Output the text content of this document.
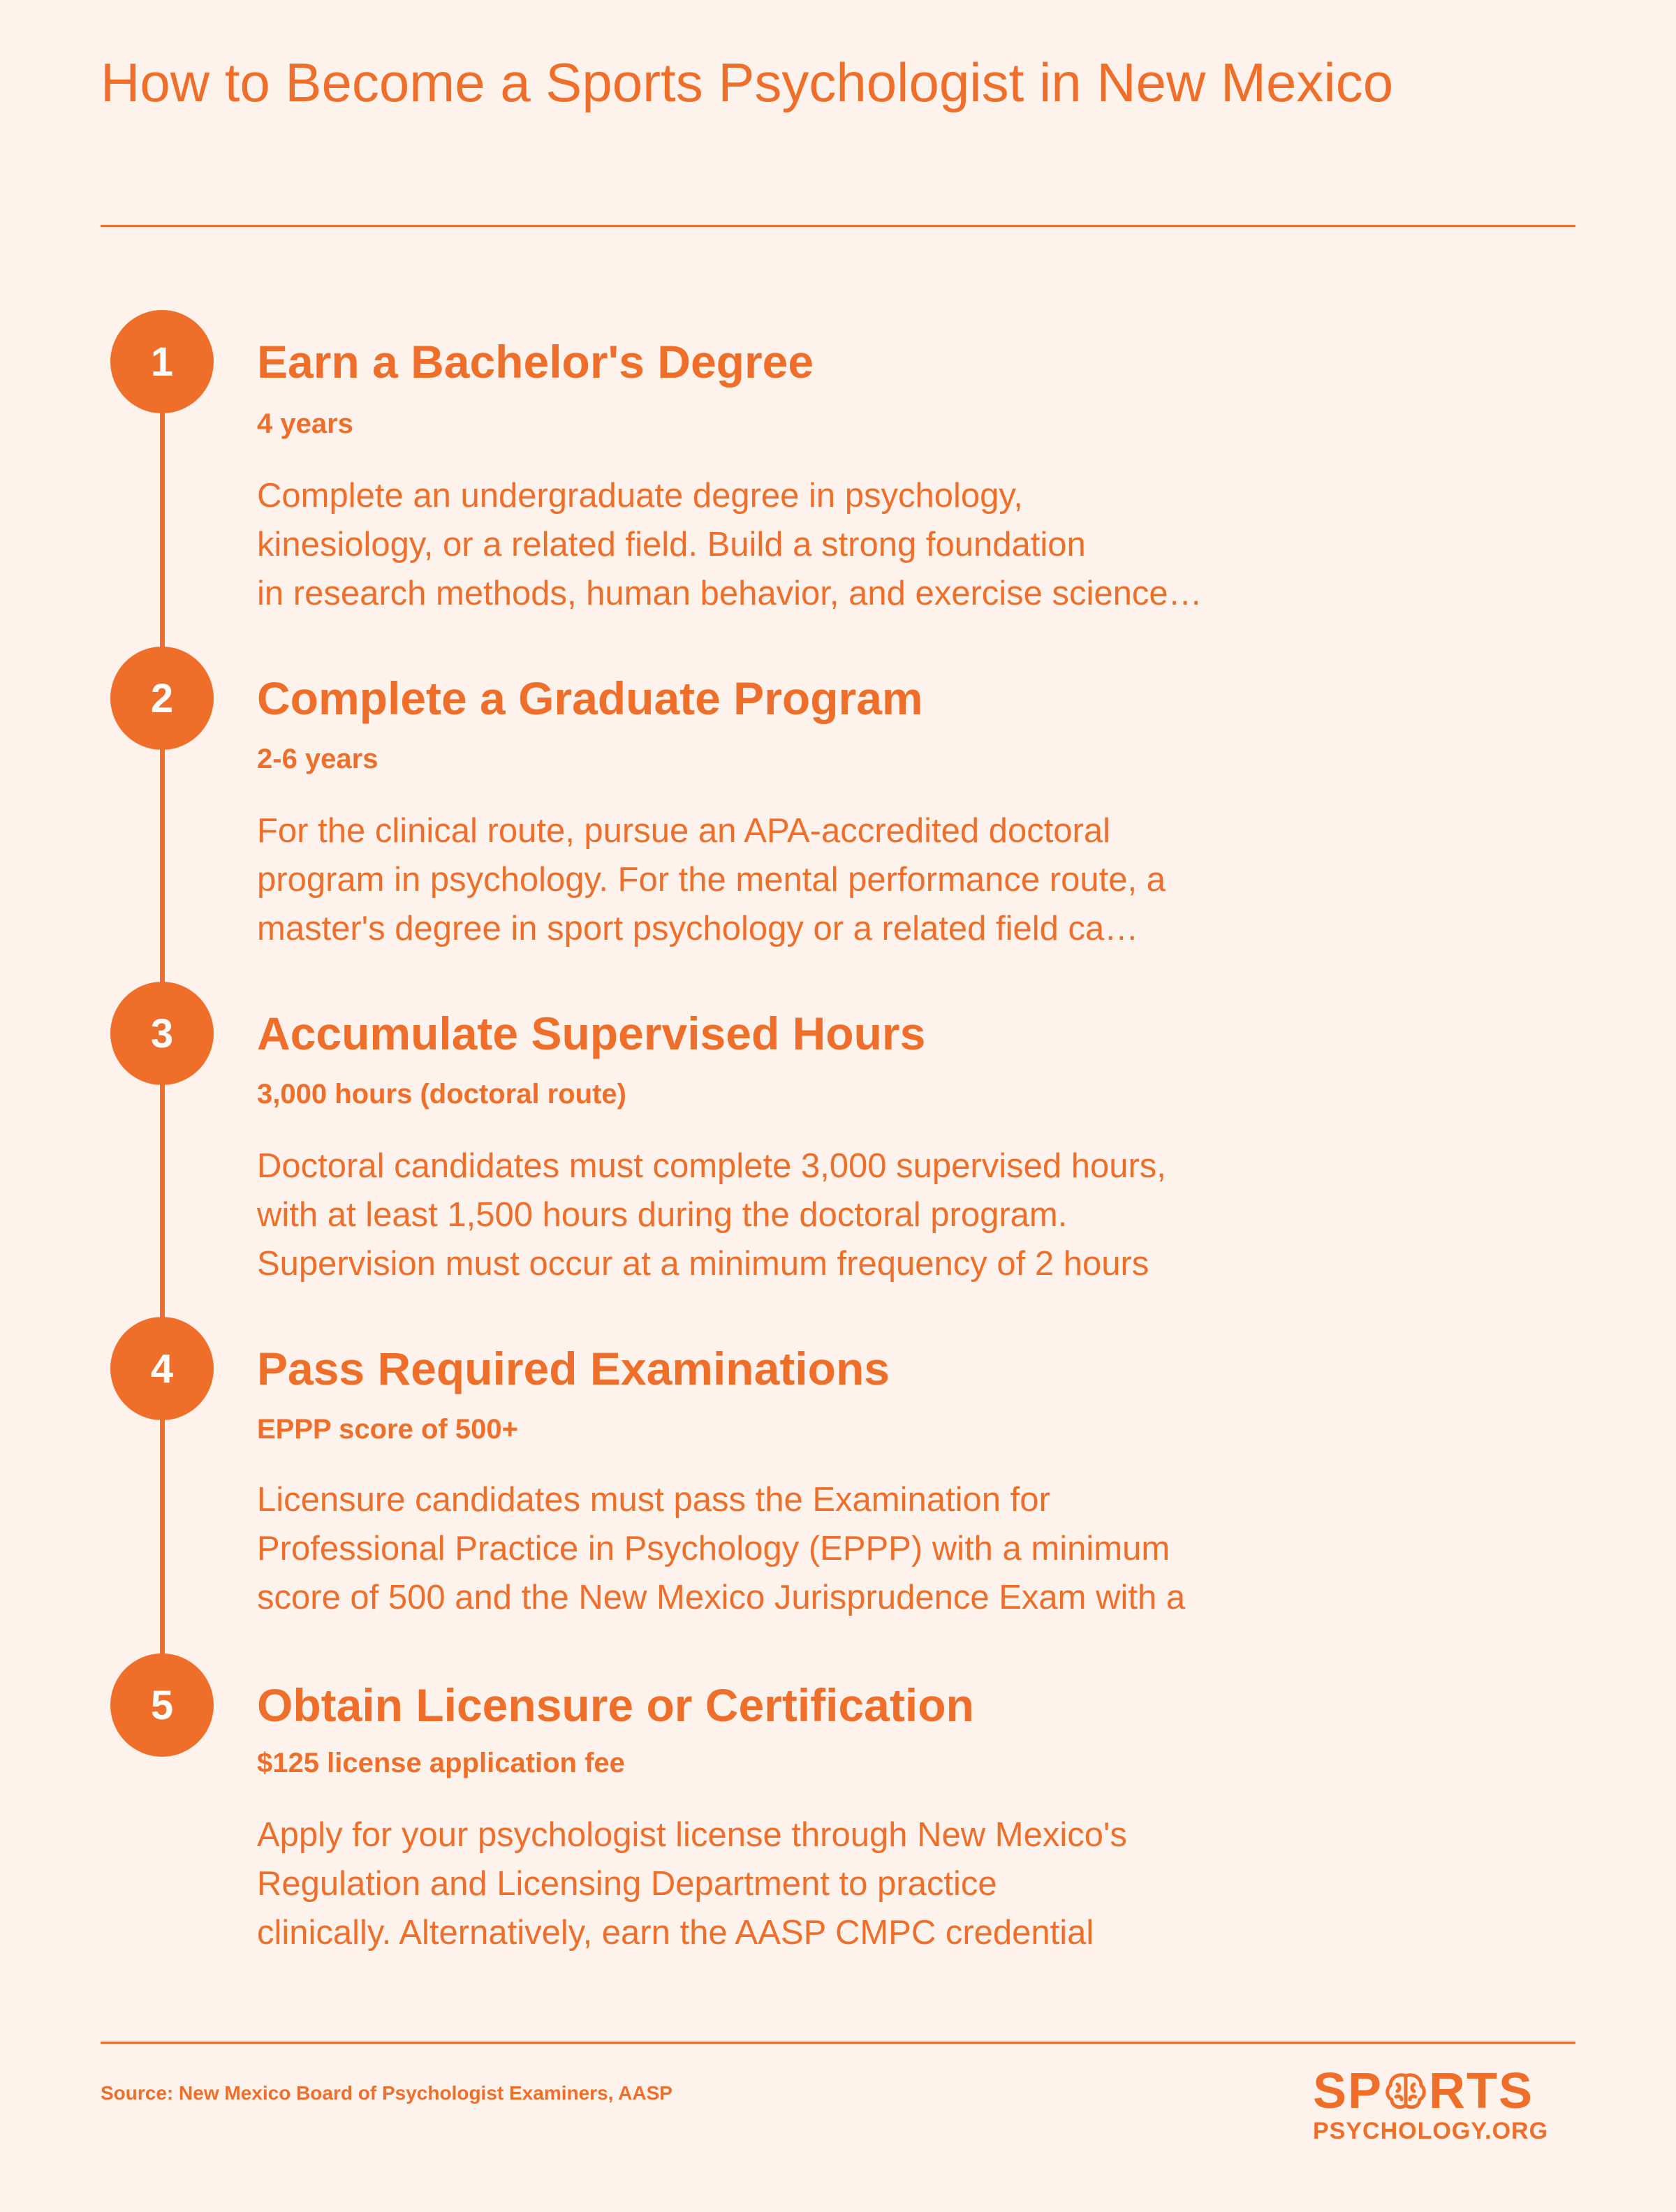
How to Become a Sports Psychologist in New Mexico
1	Earn a Bachelor's Degree

4 years

Complete an undergraduate degree in psychology,

kinesiology, or a related field. Build a strong foundation

in research methods, human behavior, and exercise science…

2	Complete a Graduate Program

2-6 years

For the clinical route, pursue an APA-accredited doctoral

program in psychology. For the mental performance route, a

master's degree in sport psychology or a related field ca…

3	Accumulate Supervised Hours

3,000 hours (doctoral route)

Doctoral candidates must complete 3,000 supervised hours,

with at least 1,500 hours during the doctoral program.

Supervision must occur at a minimum frequency of 2 hours

4	Pass Required Examinations

EPPP score of 500+

Licensure candidates must pass the Examination for

Professional Practice in Psychology (EPPP) with a minimum

score of 500 and the New Mexico Jurisprudence Exam with a

5	Obtain Licensure or Certification

$125 license application fee

Apply for your psychologist license through New Mexico's

Regulation and Licensing Department to practice

clinically. Alternatively, earn the AASP CMPC credential

Source: New Mexico Board of Psychologist Examiners, AASP	SP RTS
PSYCHOLOGY.ORG
